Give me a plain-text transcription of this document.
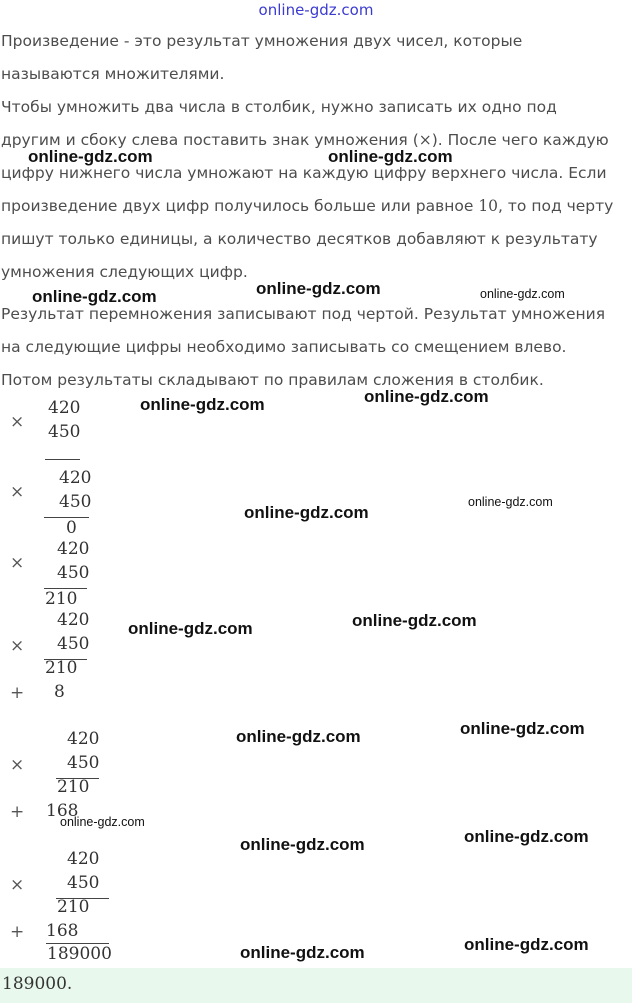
online-gdz.com

Произведение - это результат умножения двух чисел, которые называются множителями.

Чтобы умножить два числа в столбик, нужно записать их одно под другим и сбоку слева поставить знак умножения (×). После чего каждую цифру нижнего числа умножают на каждую цифру верхнего числа. Если произведение двух цифр получилось больше или равное 10, то под черту пишут только единицы, а количество десятков добавляют к результату умножения следующих цифр.

Результат перемножения записывают под чертой. Результат умножения на следующие цифры необходимо записывать со смещением влево. Потом результаты складывают по правилам сложения в столбик.

×
420
450
×
420
450
0
×
420
450
210
×
420
450
210
+ 8
×
420
450
210
+ 168
×
420
450
210
+ 168
189000
189000.
online-gdz.com	online-gdz.com
online-gdz.com	online-gdz.com	online-gdz.com
online-gdz.com	online-gdz.com
online-gdz.com
online-gdz.com
online-gdz.com	online-gdz.com
online-gdz.com	online-gdz.com
online-gdz.com
online-gdz.com	online-gdz.com
online-gdz.com	online-gdz.com
